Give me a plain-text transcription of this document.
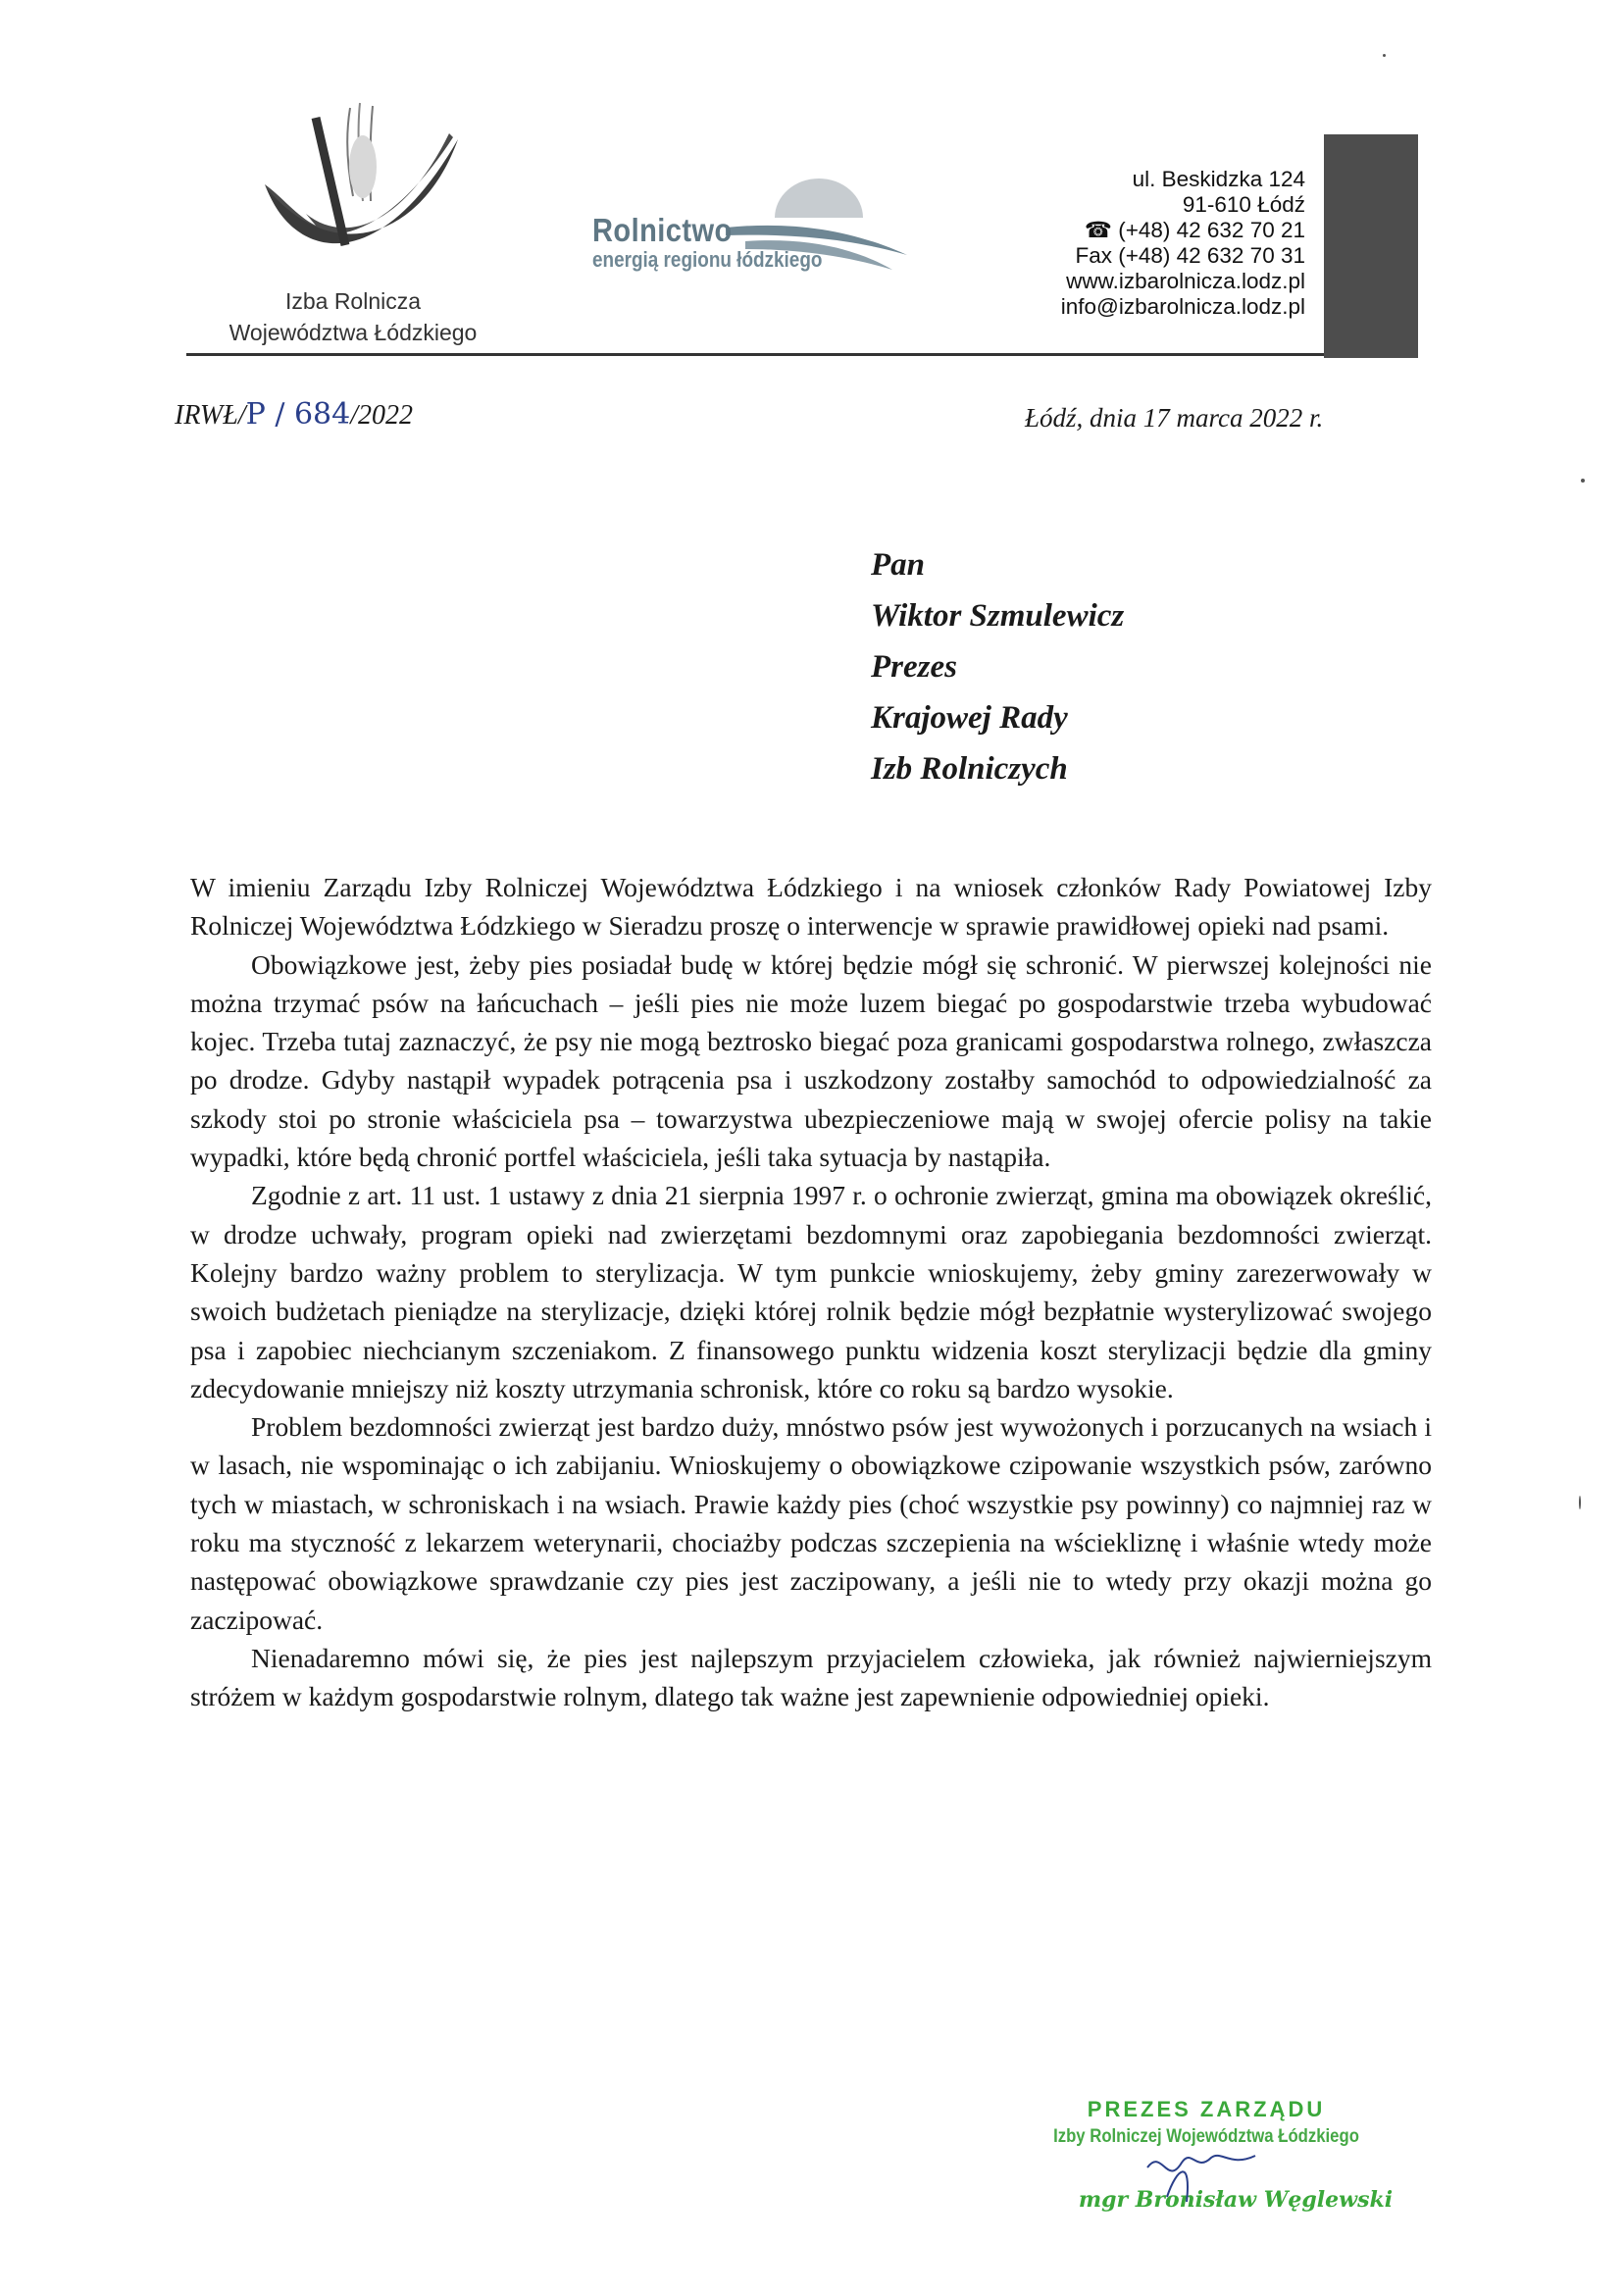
Izba Rolnicza
Województwa Łódzkiego
Rolnictwo
energią regionu łódzkiego
ul. Beskidzka 124
91-610 Łódź
☎ (+48) 42 632 70 21
Fax (+48) 42 632 70 31
www.izbarolnicza.lodz.pl
info@izbarolnicza.lodz.pl
IRWŁ/P / 684/2022	Łódź, dnia 17 marca 2022 r.
Pan
Wiktor Szmulewicz
Prezes
Krajowej Rady
Izb Rolniczych

W imieniu Zarządu Izby Rolniczej Województwa Łódzkiego i na wniosek członków Rady Powiatowej Izby Rolniczej Województwa Łódzkiego w Sieradzu proszę o interwencje w sprawie prawidłowej opieki nad psami.

Obowiązkowe jest, żeby pies posiadał budę w której będzie mógł się schronić. W pierwszej kolejności nie można trzymać psów na łańcuchach – jeśli pies nie może luzem biegać po gospodarstwie trzeba wybudować kojec. Trzeba tutaj zaznaczyć, że psy nie mogą beztrosko biegać poza granicami gospodarstwa rolnego, zwłaszcza po drodze. Gdyby nastąpił wypadek potrącenia psa i uszkodzony zostałby samochód to odpowiedzialność za szkody stoi po stronie właściciela psa – towarzystwa ubezpieczeniowe mają w swojej ofercie polisy na takie wypadki, które będą chronić portfel właściciela, jeśli taka sytuacja by nastąpiła.

Zgodnie z art. 11 ust. 1 ustawy z dnia 21 sierpnia 1997 r. o ochronie zwierząt, gmina ma obowiązek określić, w drodze uchwały, program opieki nad zwierzętami bezdomnymi oraz zapobiegania bezdomności zwierząt. Kolejny bardzo ważny problem to sterylizacja. W tym punkcie wnioskujemy, żeby gminy zarezerwowały w swoich budżetach pieniądze na sterylizacje, dzięki której rolnik będzie mógł bezpłatnie wysterylizować swojego psa i zapobiec niechcianym szczeniakom. Z finansowego punktu widzenia koszt sterylizacji będzie dla gminy zdecydowanie mniejszy niż koszty utrzymania schronisk, które co roku są bardzo wysokie.

Problem bezdomności zwierząt jest bardzo duży, mnóstwo psów jest wywożonych i porzucanych na wsiach i w lasach, nie wspominając o ich zabijaniu. Wnioskujemy o obowiązkowe czipowanie wszystkich psów, zarówno tych w miastach, w schroniskach i na wsiach. Prawie każdy pies (choć wszystkie psy powinny) co najmniej raz w roku ma styczność z lekarzem weterynarii, chociażby podczas szczepienia na wściekliznę i właśnie wtedy może następować obowiązkowe sprawdzanie czy pies jest zaczipowany, a jeśli nie to wtedy przy okazji można go zaczipować.

Nienadaremno mówi się, że pies jest najlepszym przyjacielem człowieka, jak również najwierniejszym stróżem w każdym gospodarstwie rolnym, dlatego tak ważne jest zapewnienie odpowiedniej opieki.

PREZES ZARZĄDU
Izby Rolniczej Województwa Łódzkiego
mgr Bronisław Węglewski
